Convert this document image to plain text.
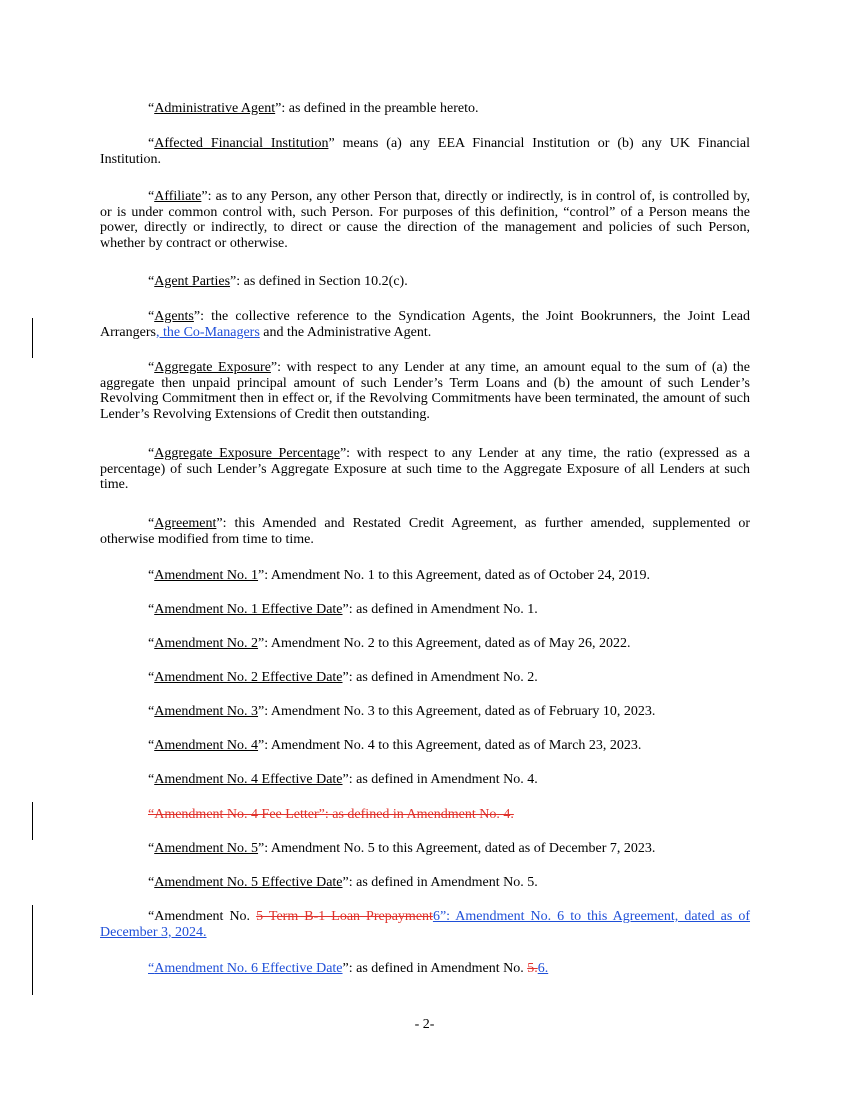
“Administrative Agent”: as defined in the preamble hereto.

“Affected Financial Institution” means (a) any EEA Financial Institution or (b) any UK Financial Institution.

“Affiliate”: as to any Person, any other Person that, directly or indirectly, is in control of, is controlled by, or is under common control with, such Person. For purposes of this definition, “control” of a Person means the power, directly or indirectly, to direct or cause the direction of the management and policies of such Person, whether by contract or otherwise.

“Agent Parties”: as defined in Section 10.2(c).

“Agents”: the collective reference to the Syndication Agents, the Joint Bookrunners, the Joint Lead Arrangers, the Co-Managers and the Administrative Agent.

“Aggregate Exposure”: with respect to any Lender at any time, an amount equal to the sum of (a) the aggregate then unpaid principal amount of such Lender’s Term Loans and (b) the amount of such Lender’s Revolving Commitment then in effect or, if the Revolving Commitments have been terminated, the amount of such Lender’s Revolving Extensions of Credit then outstanding.

“Aggregate Exposure Percentage”: with respect to any Lender at any time, the ratio (expressed as a percentage) of such Lender’s Aggregate Exposure at such time to the Aggregate Exposure of all Lenders at such time.

“Agreement”: this Amended and Restated Credit Agreement, as further amended, supplemented or otherwise modified from time to time.

“Amendment No. 1”: Amendment No. 1 to this Agreement, dated as of October 24, 2019.

“Amendment No. 1 Effective Date”: as defined in Amendment No. 1.

“Amendment No. 2”: Amendment No. 2 to this Agreement, dated as of May 26, 2022.

“Amendment No. 2 Effective Date”: as defined in Amendment No. 2.

“Amendment No. 3”: Amendment No. 3 to this Agreement, dated as of February 10, 2023.

“Amendment No. 4”: Amendment No. 4 to this Agreement, dated as of March 23, 2023.

“Amendment No. 4 Effective Date”: as defined in Amendment No. 4.

“Amendment No. 4 Fee Letter”: as defined in Amendment No. 4.

“Amendment No. 5”: Amendment No. 5 to this Agreement, dated as of December 7, 2023.

“Amendment No. 5 Effective Date”: as defined in Amendment No. 5.

“Amendment No. 5 Term B-1 Loan Prepayment6”: Amendment No. 6 to this Agreement, dated as of December 3, 2024.

“Amendment No. 6 Effective Date”: as defined in Amendment No. 5.6.

- 2-
